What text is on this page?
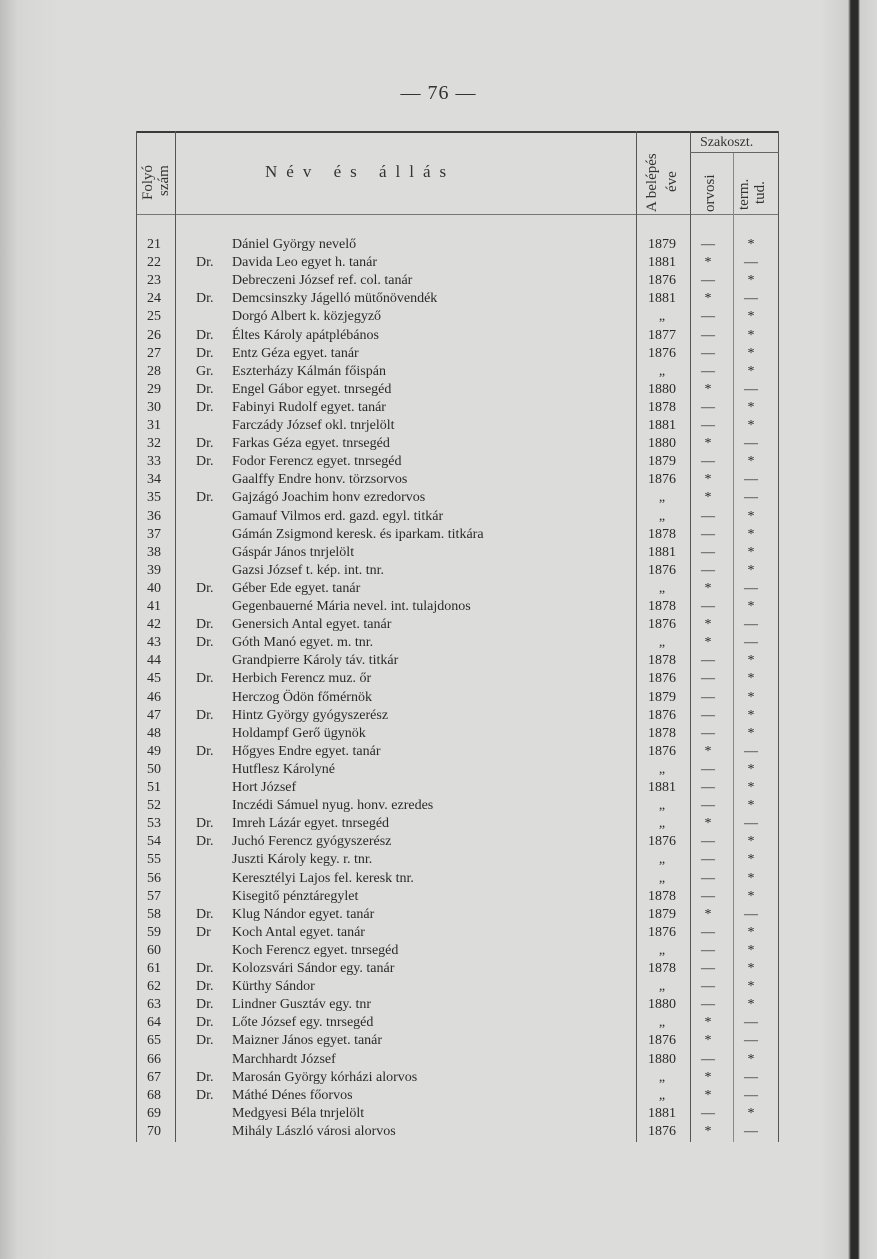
— 76 —
Folyó szám	Név és állás	A belépés éve
Szakoszt.
orvosi term. tud.
21	Dániel György nevelő	1879	—	*
22	Dr. Davida Leo egyet h. tanár	1881	*	—
23	Debreczeni József ref. col. tanár	1876	—	*
24	Dr. Demcsinszky Jágelló mütőnövendék	1881	*	—
25	Dorgó Albert k. közjegyző	„	—	*
26	Dr. Éltes Károly apátplébános	1877	—	*
27	Dr. Entz Géza egyet. tanár	1876	—	*
28	Gr. Eszterházy Kálmán főispán	„	—	*
29	Dr. Engel Gábor egyet. tnrsegéd	1880	*	—
30	Dr. Fabinyi Rudolf egyet. tanár	1878	—	*
31	Farczády József okl. tnrjelölt	1881	—	*
32	Dr. Farkas Géza egyet. tnrsegéd	1880	*	—
33	Dr. Fodor Ferencz egyet. tnrsegéd	1879	—	*
34	Gaalffy Endre honv. törzsorvos	1876	*	—
35	Dr. Gajzágó Joachim honv ezredorvos	„	*	—
36	Gamauf Vilmos erd. gazd. egyl. titkár	„	—	*
37	Gámán Zsigmond keresk. és iparkam. titkára	1878	—	*
38	Gáspár János tnrjelölt	1881	—	*
39	Gazsi József t. kép. int. tnr.	1876	—	*
40	Dr. Géber Ede egyet. tanár	„	*	—
41	Gegenbauerné Mária nevel. int. tulajdonos	1878	—	*
42	Dr. Genersich Antal egyet. tanár	1876	*	—
43	Dr. Góth Manó egyet. m. tnr.	„	*	—
44	Grandpierre Károly táv. titkár	1878	—	*
45	Dr. Herbich Ferencz muz. őr	1876	—	*
46	Herczog Ödön főmérnök	1879	—	*
47	Dr. Hintz György gyógyszerész	1876	—	*
48	Holdampf Gerő ügynök	1878	—	*
49	Dr. Hőgyes Endre egyet. tanár	1876	*	—
50	Hutflesz Károlyné	„	—	*
51	Hort József	1881	—	*
52	Inczédi Sámuel nyug. honv. ezredes	„	—	*
53	Dr. Imreh Lázár egyet. tnrsegéd	„	*	—
54	Dr. Juchó Ferencz gyógyszerész	1876	—	*
55	Juszti Károly kegy. r. tnr.	„	—	*
56	Keresztélyi Lajos fel. keresk tnr.	„	—	*
57	Kisegitő pénztáregylet	1878	—	*
58	Dr. Klug Nándor egyet. tanár	1879	*	—
59	Dr Koch Antal egyet. tanár	1876	—	*
60	Koch Ferencz egyet. tnrsegéd	„	—	*
61	Dr. Kolozsvári Sándor egy. tanár	1878	—	*
62	Dr. Kürthy Sándor	„	—	*
63	Dr. Lindner Gusztáv egy. tnr	1880	—	*
64	Dr. Lőte József egy. tnrsegéd	„	*	—
65	Dr. Maizner János egyet. tanár	1876	*	—
66	Marchhardt József	1880	—	*
67	Dr. Marosán György kórházi alorvos	„	*	—
68	Dr. Máthé Dénes főorvos	„	*	—
69	Medgyesi Béla tnrjelölt	1881	—	*
70	Mihály László városi alorvos	1876	*	—
